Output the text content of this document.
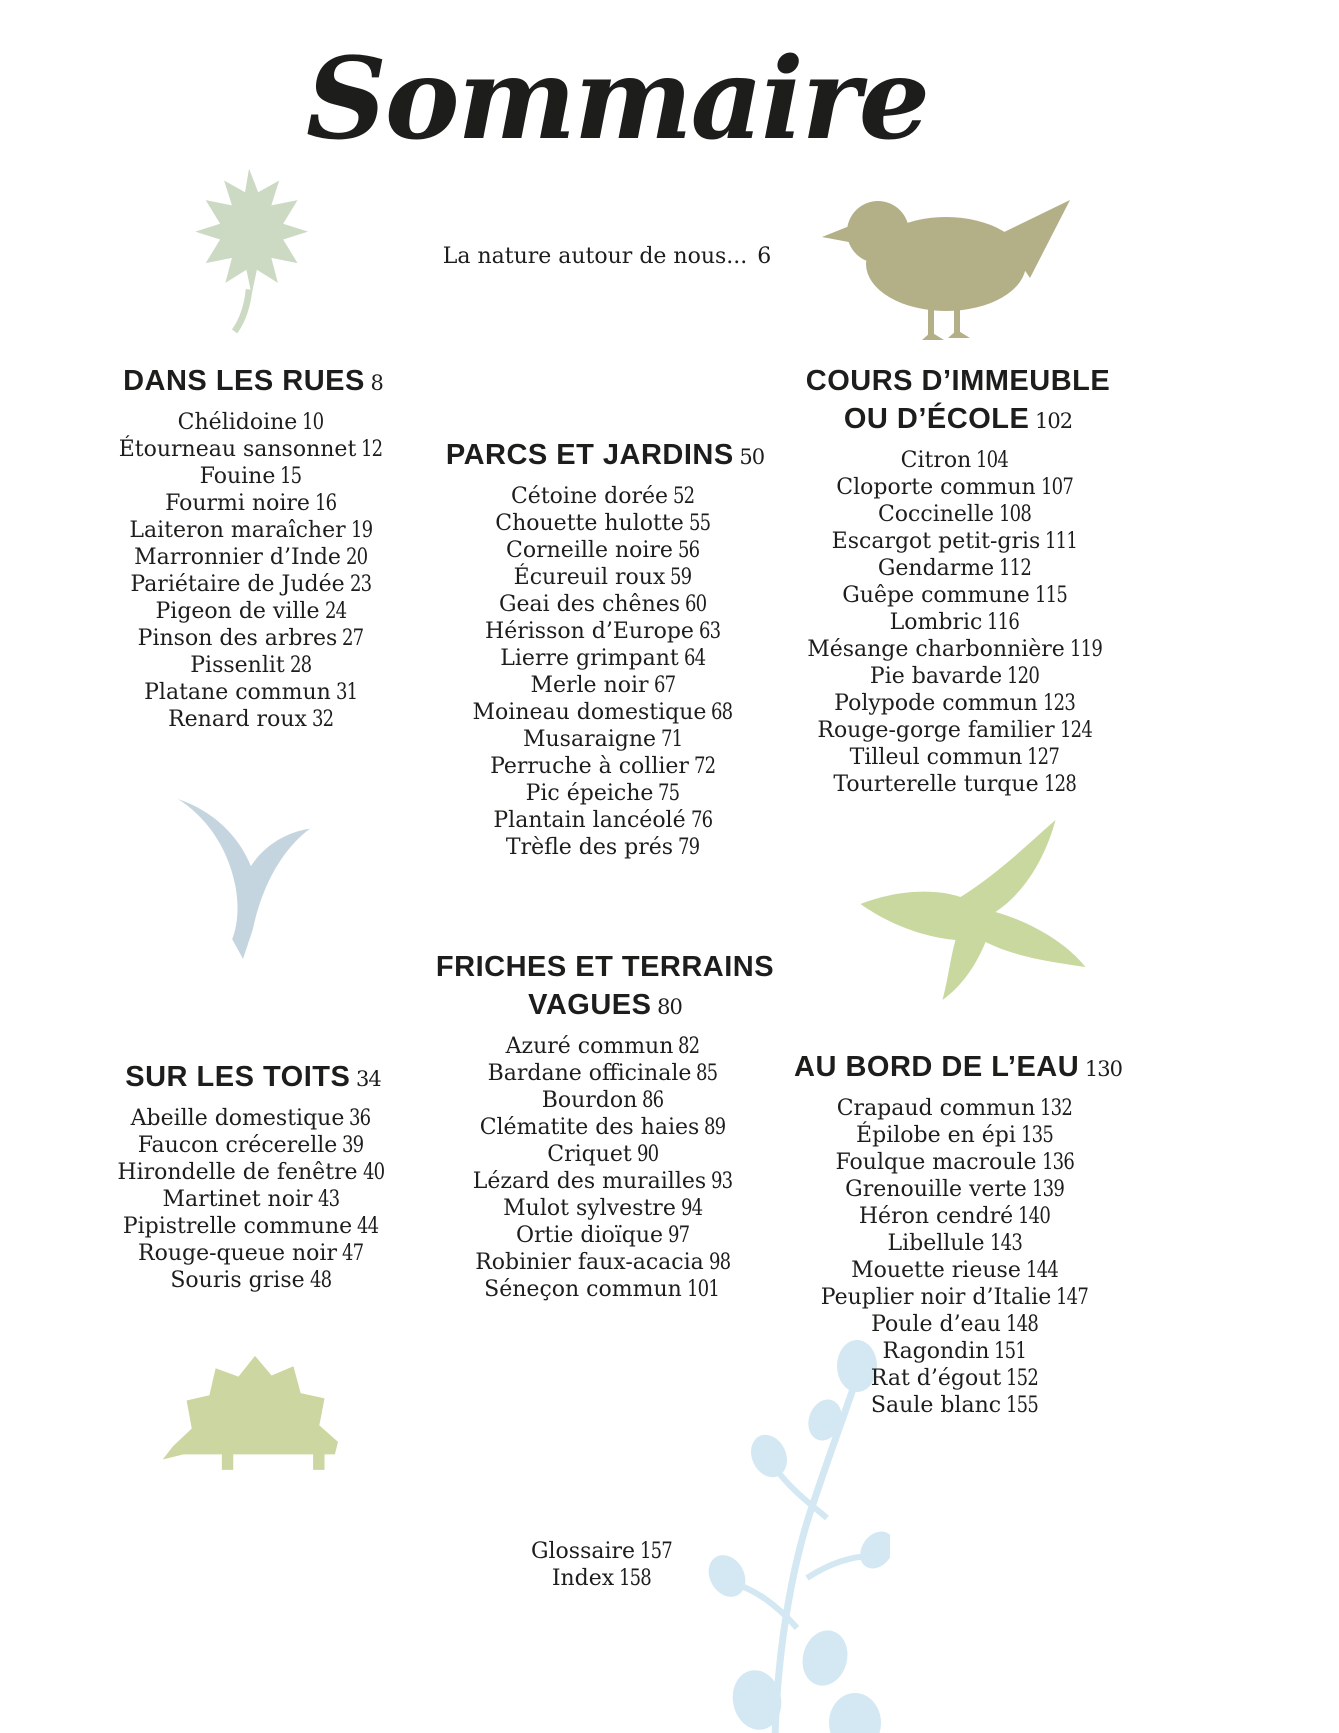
Sommaire
La nature autour de nous... 6
DANS LES RUES 8
Chélidoine 10
Étourneau sansonnet 12
Fouine 15
Fourmi noire 16
Laiteron maraîcher 19
Marronnier d’Inde 20
Pariétaire de Judée 23
Pigeon de ville 24
Pinson des arbres 27
Pissenlit 28
Platane commun 31
Renard roux 32
PARCS ET JARDINS 50
Cétoine dorée 52
Chouette hulotte 55
Corneille noire 56
Écureuil roux 59
Geai des chênes 60
Hérisson d’Europe 63
Lierre grimpant 64
Merle noir 67
Moineau domestique 68
Musaraigne 71
Perruche à collier 72
Pic épeiche 75
Plantain lancéolé 76
Trèfle des prés 79
COURS D’IMMEUBLE
OU D’ÉCOLE 102
Citron 104
Cloporte commun 107
Coccinelle 108
Escargot petit-gris 111
Gendarme 112
Guêpe commune 115
Lombric 116
Mésange charbonnière 119
Pie bavarde 120
Polypode commun 123
Rouge-gorge familier 124
Tilleul commun 127
Tourterelle turque 128
SUR LES TOITS 34
Abeille domestique 36
Faucon crécerelle 39
Hirondelle de fenêtre 40
Martinet noir 43
Pipistrelle commune 44
Rouge-queue noir 47
Souris grise 48
FRICHES ET TERRAINS
VAGUES 80
Azuré commun 82
Bardane officinale 85
Bourdon 86
Clématite des haies 89
Criquet 90
Lézard des murailles 93
Mulot sylvestre 94
Ortie dioïque 97
Robinier faux-acacia 98
Séneçon commun 101
AU BORD DE L’EAU 130
Crapaud commun 132
Épilobe en épi 135
Foulque macroule 136
Grenouille verte 139
Héron cendré 140
Libellule 143
Mouette rieuse 144
Peuplier noir d’Italie 147
Poule d’eau 148
Ragondin 151
Rat d’égout 152
Saule blanc 155
Glossaire 157
Index 158
